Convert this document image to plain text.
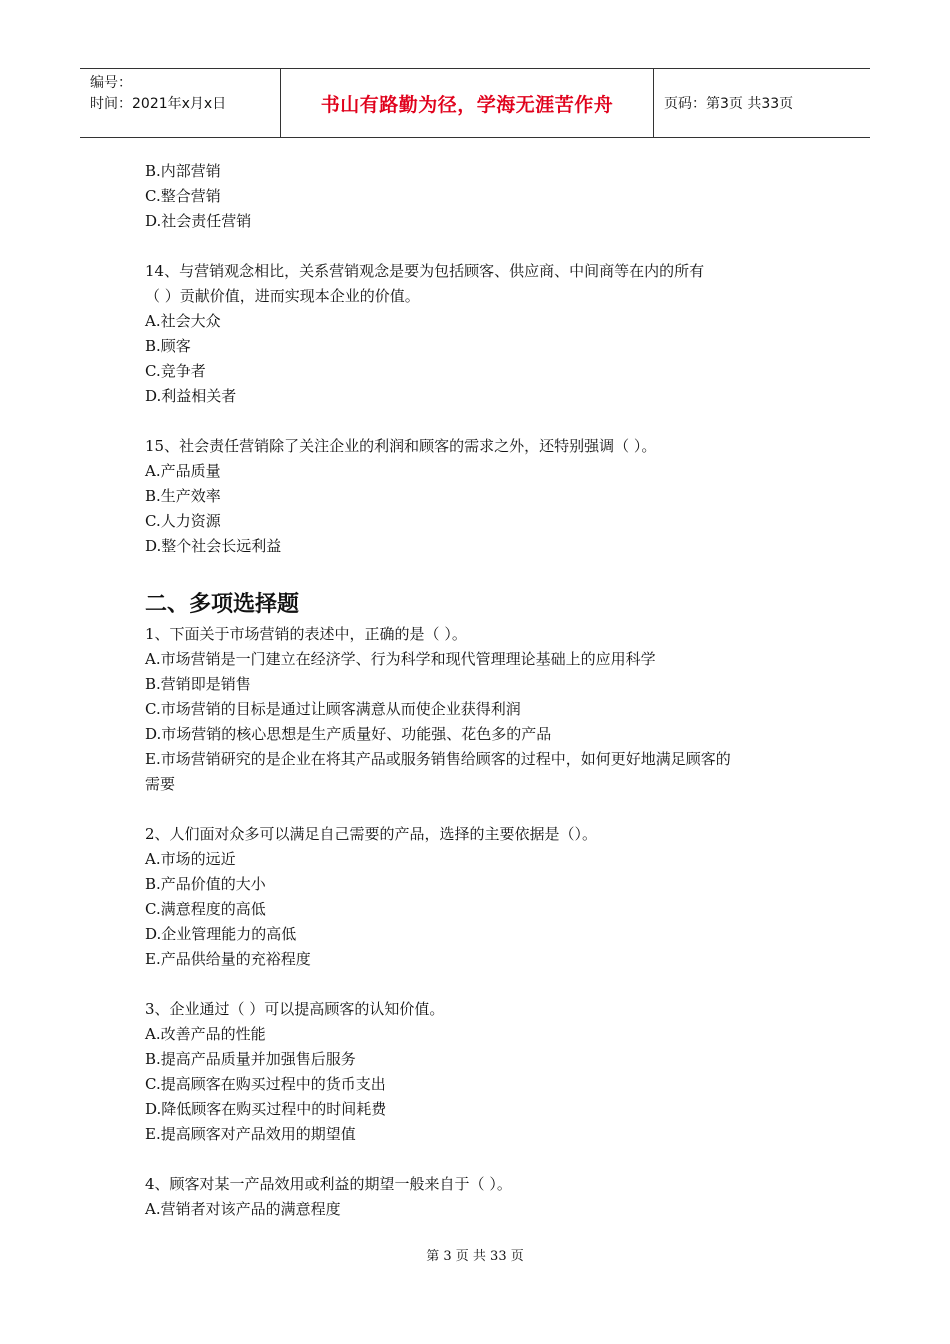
编号：
时间：2021年x月x日	书山有路勤为径，学海无涯苦作舟	页码：第3页 共33页

B.内部营销

C.整合营销

D.社会责任营销

14、与营销观念相比，关系营销观念是要为包括顾客、供应商、中间商等在内的所有

（ ）贡献价值，进而实现本企业的价值。

A.社会大众

B.顾客

C.竞争者

D.利益相关者

15、社会责任营销除了关注企业的利润和顾客的需求之外，还特别强调（ ）。

A.产品质量

B.生产效率

C.人力资源

D.整个社会长远利益

二、多项选择题

1、下面关于市场营销的表述中，正确的是（ ）。

A.市场营销是一门建立在经济学、行为科学和现代管理理论基础上的应用科学

B.营销即是销售

C.市场营销的目标是通过让顾客满意从而使企业获得利润

D.市场营销的核心思想是生产质量好、功能强、花色多的产品

E.市场营销研究的是企业在将其产品或服务销售给顾客的过程中，如何更好地满足顾客的

需要

2、人们面对众多可以满足自己需要的产品，选择的主要依据是（）。

A.市场的远近

B.产品价值的大小

C.满意程度的高低

D.企业管理能力的高低

E.产品供给量的充裕程度

3、企业通过（ ）可以提高顾客的认知价值。

A.改善产品的性能

B.提高产品质量并加强售后服务

C.提高顾客在购买过程中的货币支出

D.降低顾客在购买过程中的时间耗费

E.提高顾客对产品效用的期望值

4、顾客对某一产品效用或利益的期望一般来自于（ ）。

A.营销者对该产品的满意程度

第 3 页 共 33 页
